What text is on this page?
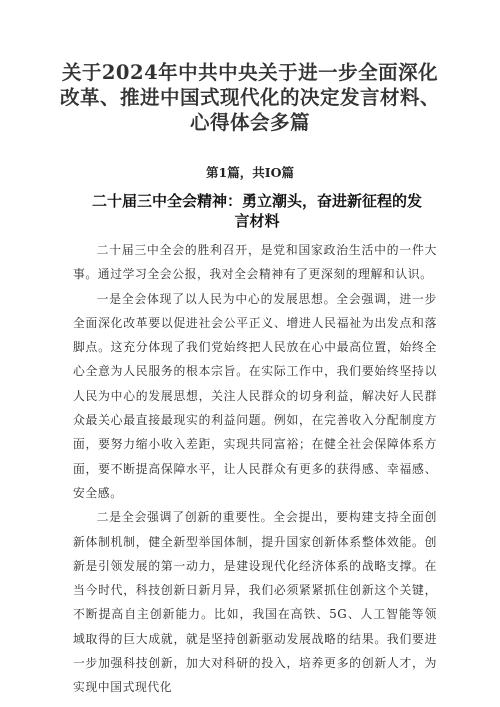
关于2024年中共中央关于进一步全面深化改革、推进中国式现代化的决定发言材料、心得体会多篇
第1篇，共IO篇
二十届三中全会精神：勇立潮头，奋进新征程的发言材料

二十届三中全会的胜利召开，是党和国家政治生活中的一件大事。通过学习全会公报，我对全会精神有了更深刻的理解和认识。

一是全会体现了以人民为中心的发展思想。全会强调，进一步全面深化改革要以促进社会公平正义、增进人民福祉为出发点和落脚点。这充分体现了我们党始终把人民放在心中最高位置，始终全心全意为人民服务的根本宗旨。在实际工作中，我们要始终坚持以人民为中心的发展思想，关注人民群众的切身利益，解决好人民群众最关心最直接最现实的利益问题。例如，在完善收入分配制度方面，要努力缩小收入差距，实现共同富裕；在健全社会保障体系方面，要不断提高保障水平，让人民群众有更多的获得感、幸福感、安全感。

二是全会强调了创新的重要性。全会提出，要构建支持全面创新体制机制，健全新型举国体制，提升国家创新体系整体效能。创新是引领发展的第一动力，是建设现代化经济体系的战略支撑。在当今时代，科技创新日新月异，我们必须紧紧抓住创新这个关键，不断提高自主创新能力。比如，我国在高铁、5G、人工智能等领域取得的巨大成就，就是坚持创新驱动发展战略的结果。我们要进一步加强科技创新，加大对科研的投入，培养更多的创新人才，为实现中国式现代化
